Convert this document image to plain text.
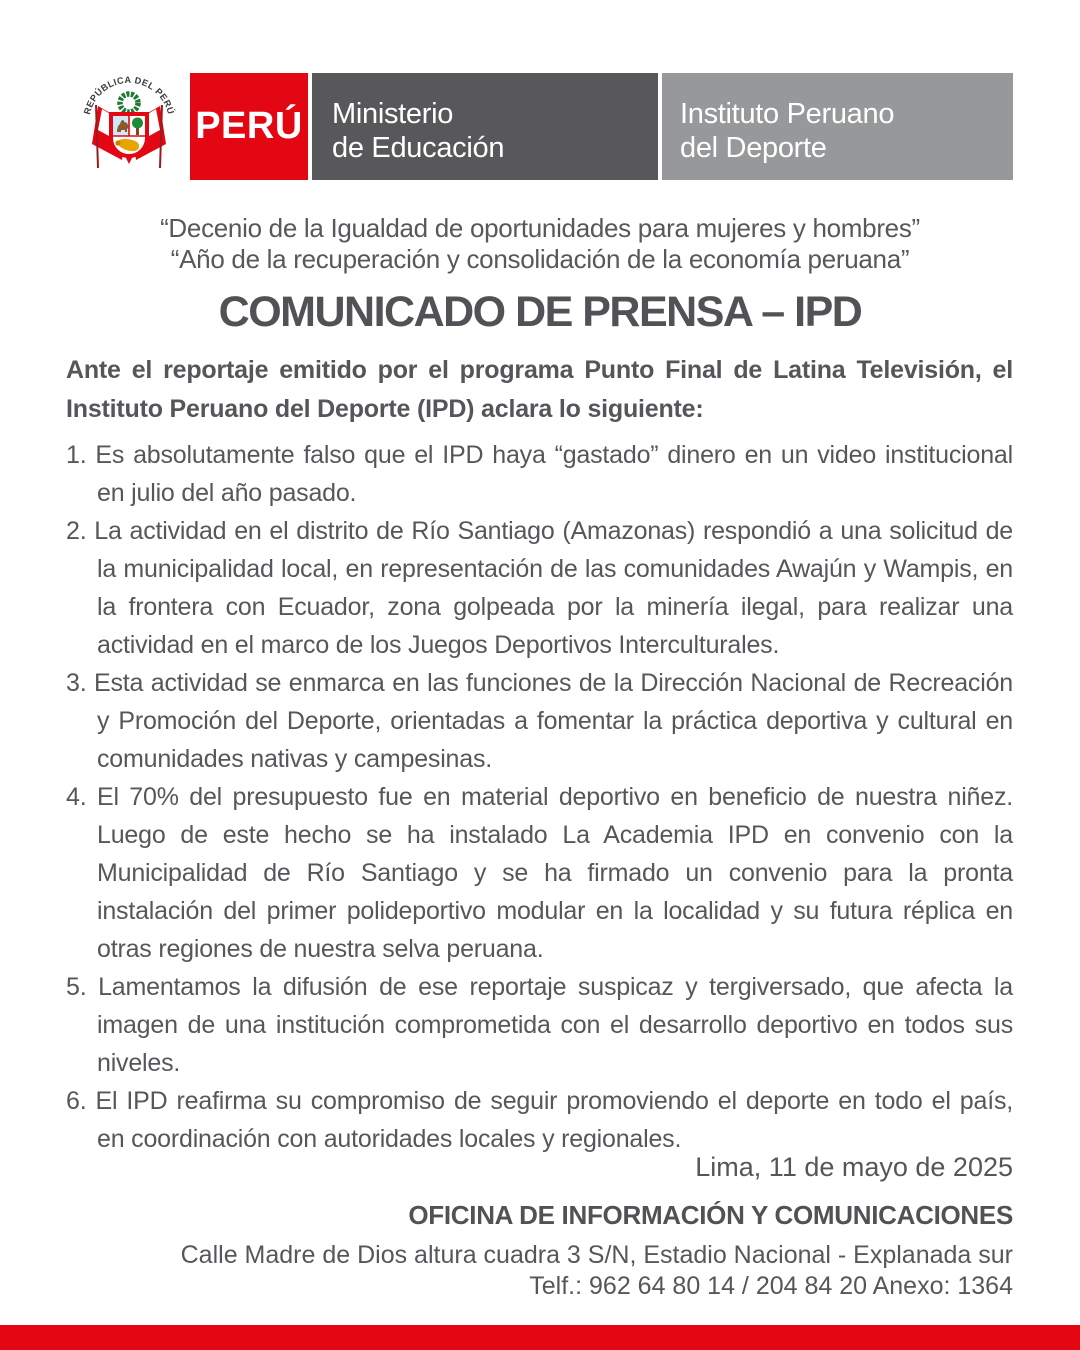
REPÚBLICA DEL PERÚ PERÚ Ministerio
de Educación
Instituto Peruano
del Deporte
“Decenio de la Igualdad de oportunidades para mujeres y hombres”
“Año de la recuperación y consolidación de la economía peruana”
COMUNICADO DE PRENSA – IPD
Ante el reportaje emitido por el programa Punto Final de Latina Televisión, el Instituto Peruano del Deporte (IPD) aclara lo siguiente:
1. Es absolutamente falso que el IPD haya “gastado” dinero en un video institucional en julio del año pasado.
2. La actividad en el distrito de Río Santiago (Amazonas) respondió a una solicitud de la municipalidad local, en representación de las comunidades Awajún y Wampis, en la frontera con Ecuador, zona golpeada por la minería ilegal, para realizar una actividad en el marco de los Juegos Deportivos Interculturales.
3. Esta actividad se enmarca en las funciones de la Dirección Nacional de Recreación y Promoción del Deporte, orientadas a fomentar la práctica deportiva y cultural en comunidades nativas y campesinas.
4. El 70% del presupuesto fue en material deportivo en beneficio de nuestra niñez. Luego de este hecho se ha instalado La Academia IPD en convenio con la Municipalidad de Río Santiago y se ha firmado un convenio para la pronta instalación del primer polideportivo modular en la localidad y su futura réplica en otras regiones de nuestra selva peruana.
5. Lamentamos la difusión de ese reportaje suspicaz y tergiversado, que afecta la imagen de una institución comprometida con el desarrollo deportivo en todos sus niveles.
6. El IPD reafirma su compromiso de seguir promoviendo el deporte en todo el país, en coordinación con autoridades locales y regionales.
Lima, 11 de mayo de 2025
OFICINA DE INFORMACIÓN Y COMUNICACIONES
Calle Madre de Dios altura cuadra 3 S/N, Estadio Nacional - Explanada sur
Telf.: 962 64 80 14 / 204 84 20 Anexo: 1364
